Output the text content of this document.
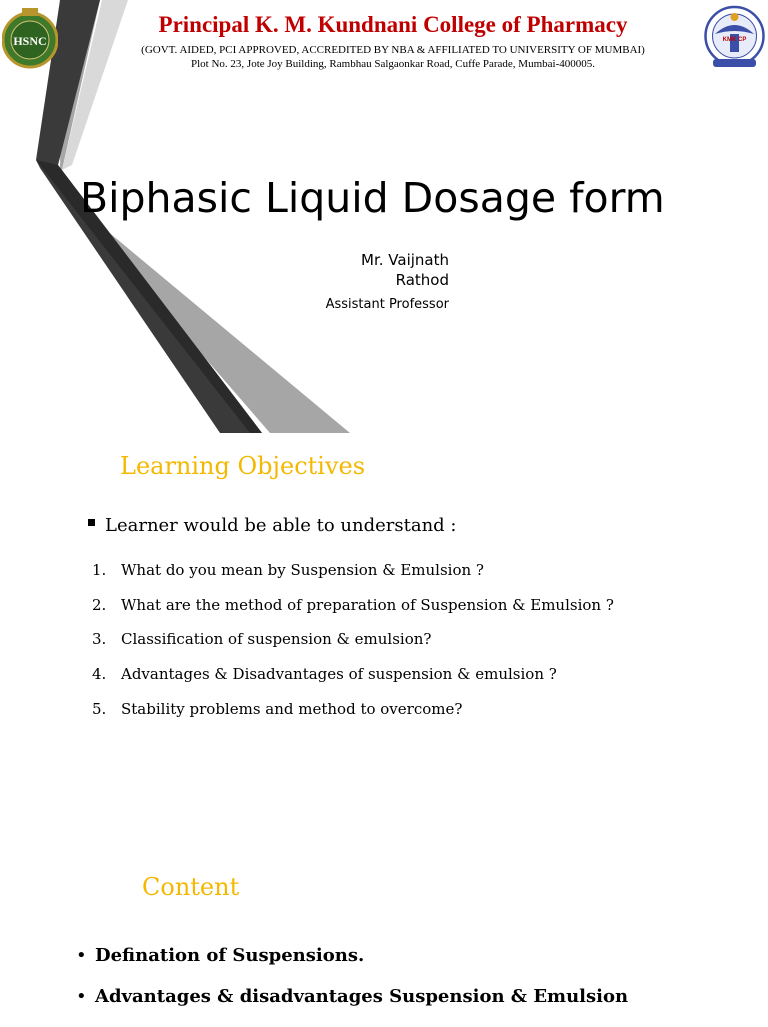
HSNC
Principal K. M. Kundnani College of Pharmacy
(GOVT. AIDED, PCI APPROVED, ACCREDITED BY NBA & AFFILIATED TO UNIVERSITY OF MUMBAI)
Plot No. 23, Jote Joy Building, Rambhau Salgaonkar Road, Cuffe Parade, Mumbai-400005.
KMK CP
Biphasic Liquid Dosage form
Mr. Vaijnath
Rathod
Assistant Professor
Learning Objectives
Learner would be able to understand :
1. What do you mean by Suspension & Emulsion ?
2. What are the method of preparation of Suspension & Emulsion ?
3. Classification of suspension & emulsion?
4. Advantages & Disadvantages of suspension & emulsion ?
5. Stability problems and method to overcome?
Content
• Defination of Suspensions.
• Advantages & disadvantages Suspension & Emulsion
